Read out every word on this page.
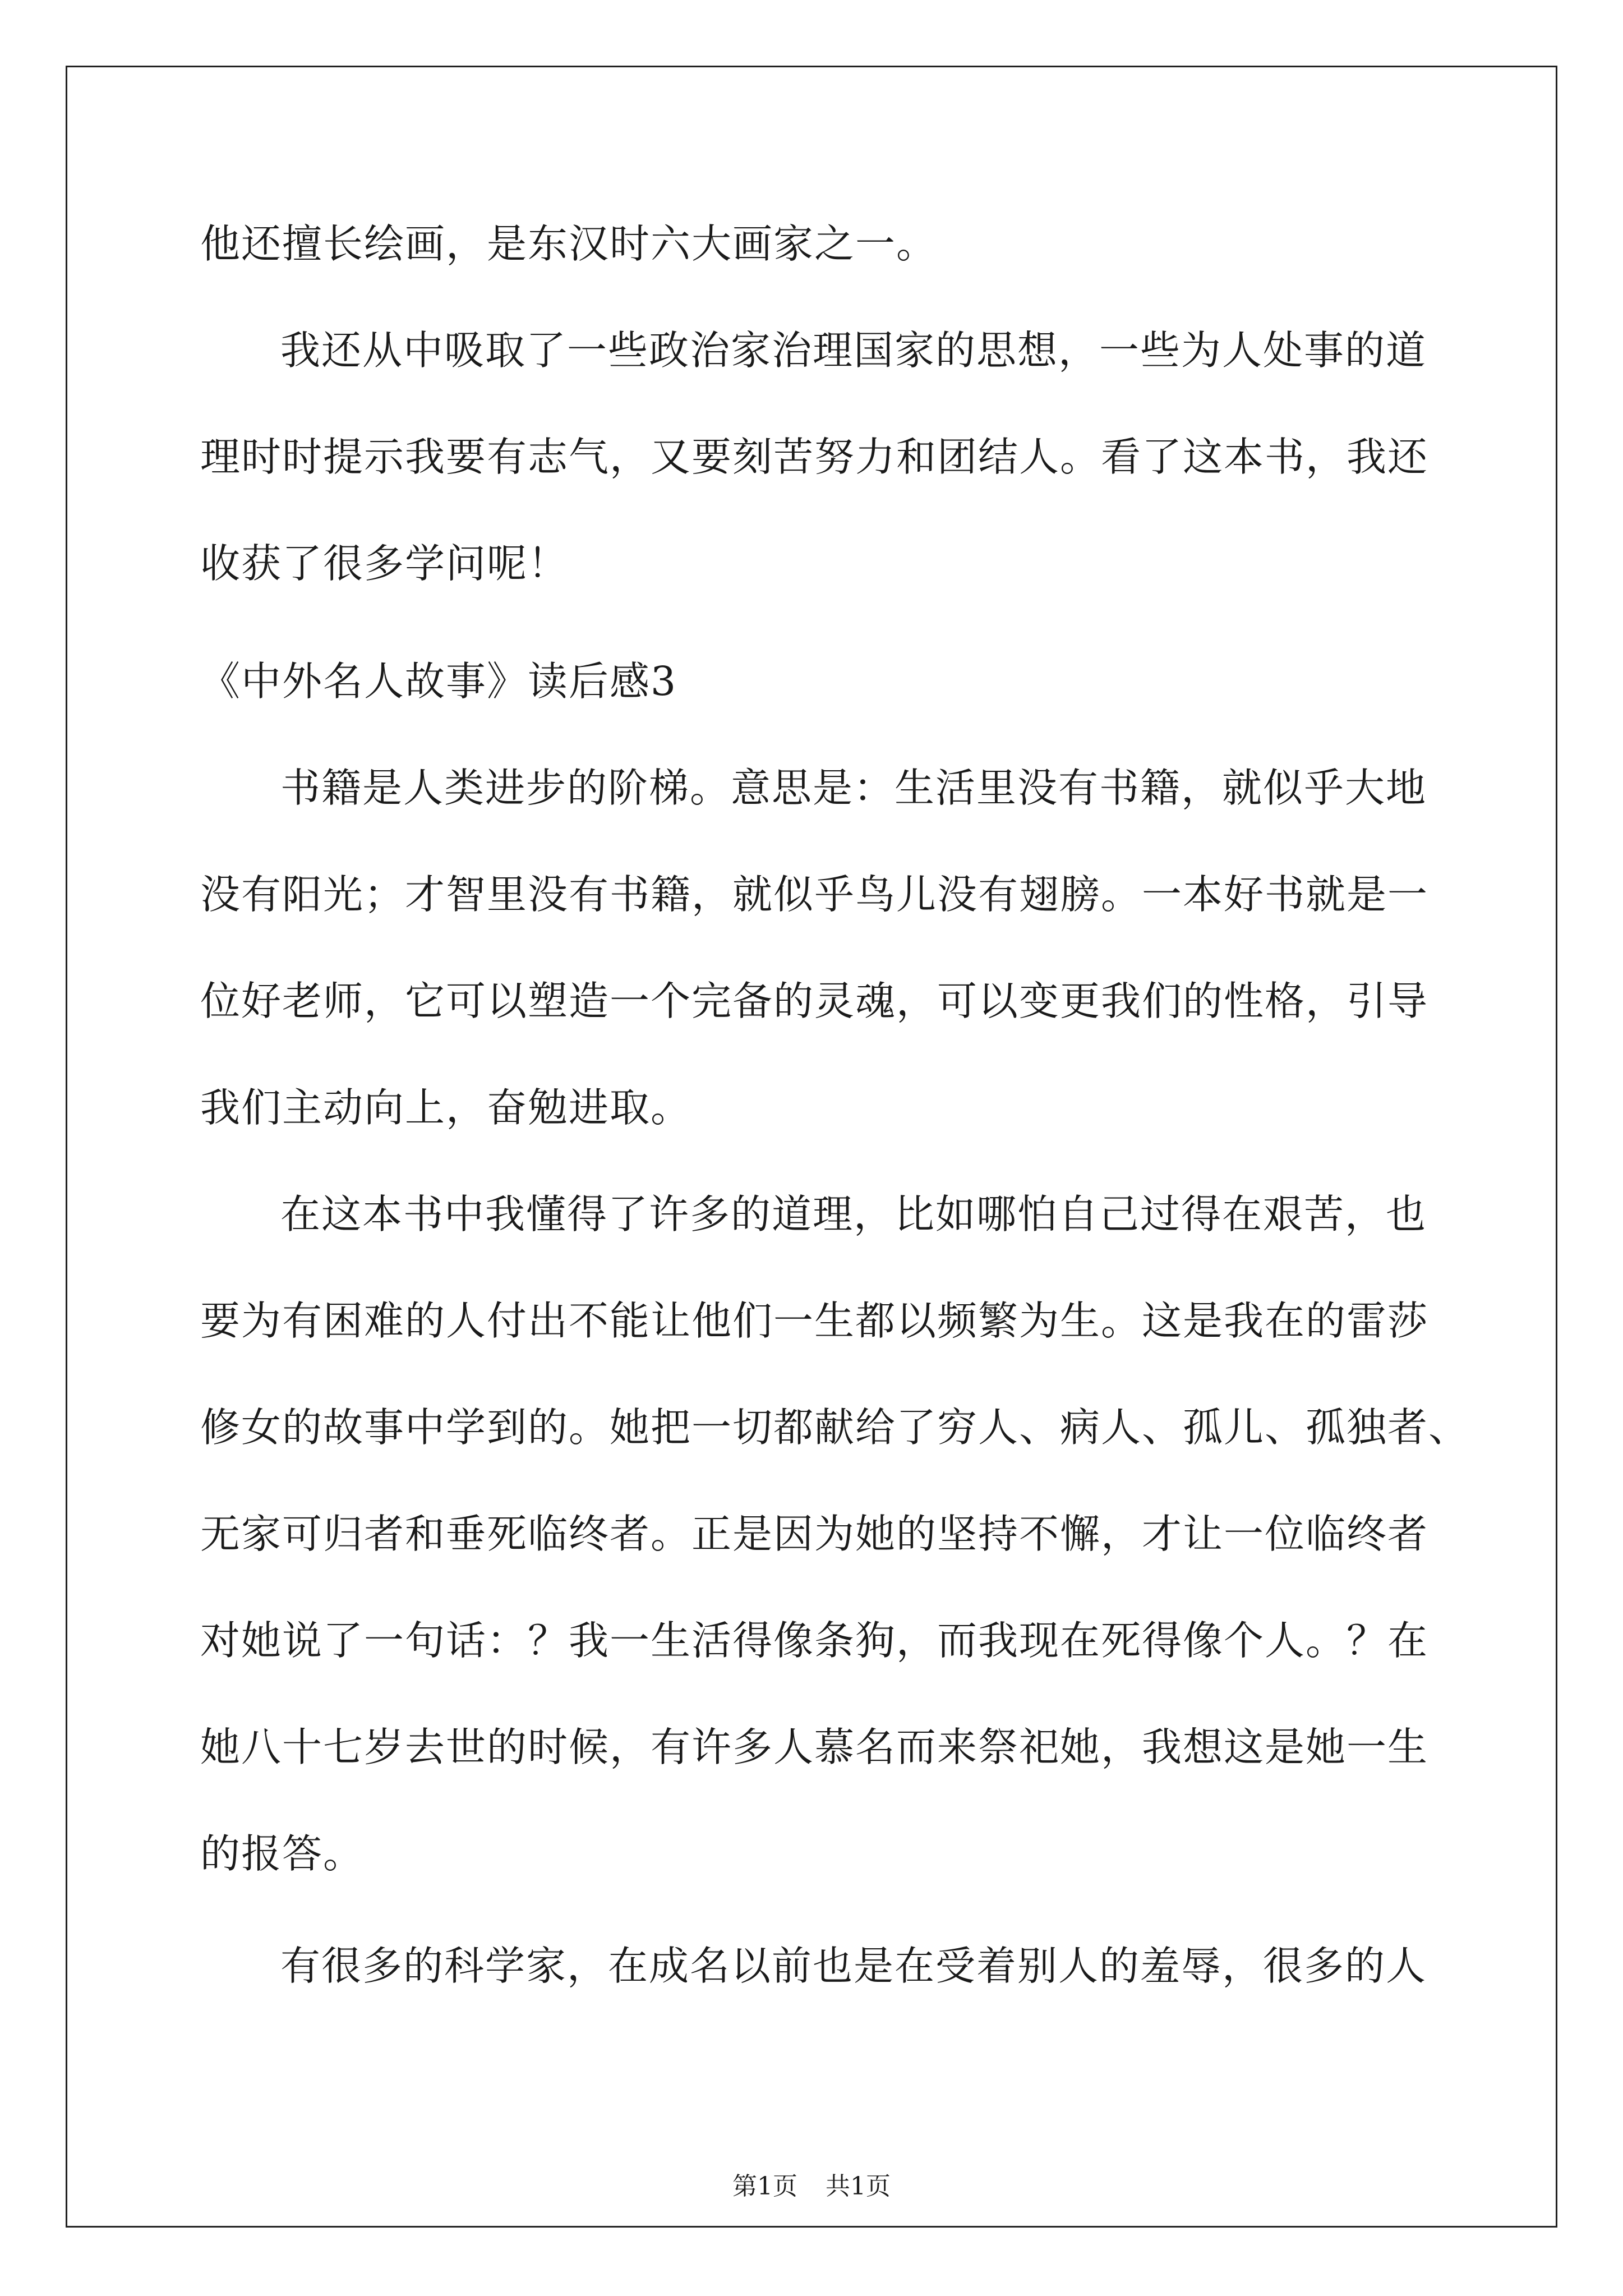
他还擅长绘画，是东汉时六大画家之一。
我还从中吸取了一些政治家治理国家的思想，一些为人处事的道
理时时提示我要有志气，又要刻苦努力和团结人。看了这本书，我还
收获了很多学问呢！
《中外名人故事》读后感3
书籍是人类进步的阶梯。意思是：生活里没有书籍，就似乎大地
没有阳光；才智里没有书籍，就似乎鸟儿没有翅膀。一本好书就是一
位好老师，它可以塑造一个完备的灵魂，可以变更我们的性格，引导
我们主动向上，奋勉进取。
在这本书中我懂得了许多的道理，比如哪怕自己过得在艰苦，也
要为有困难的人付出不能让他们一生都以频繁为生。这是我在的雷莎
修女的故事中学到的。她把一切都献给了穷人、病人、孤儿、孤独者、
无家可归者和垂死临终者。正是因为她的坚持不懈，才让一位临终者
对她说了一句话：？我一生活得像条狗，而我现在死得像个人。？在
她八十七岁去世的时候，有许多人慕名而来祭祀她，我想这是她一生
的报答。
有很多的科学家，在成名以前也是在受着别人的羞辱，很多的人
第1页 共1页
